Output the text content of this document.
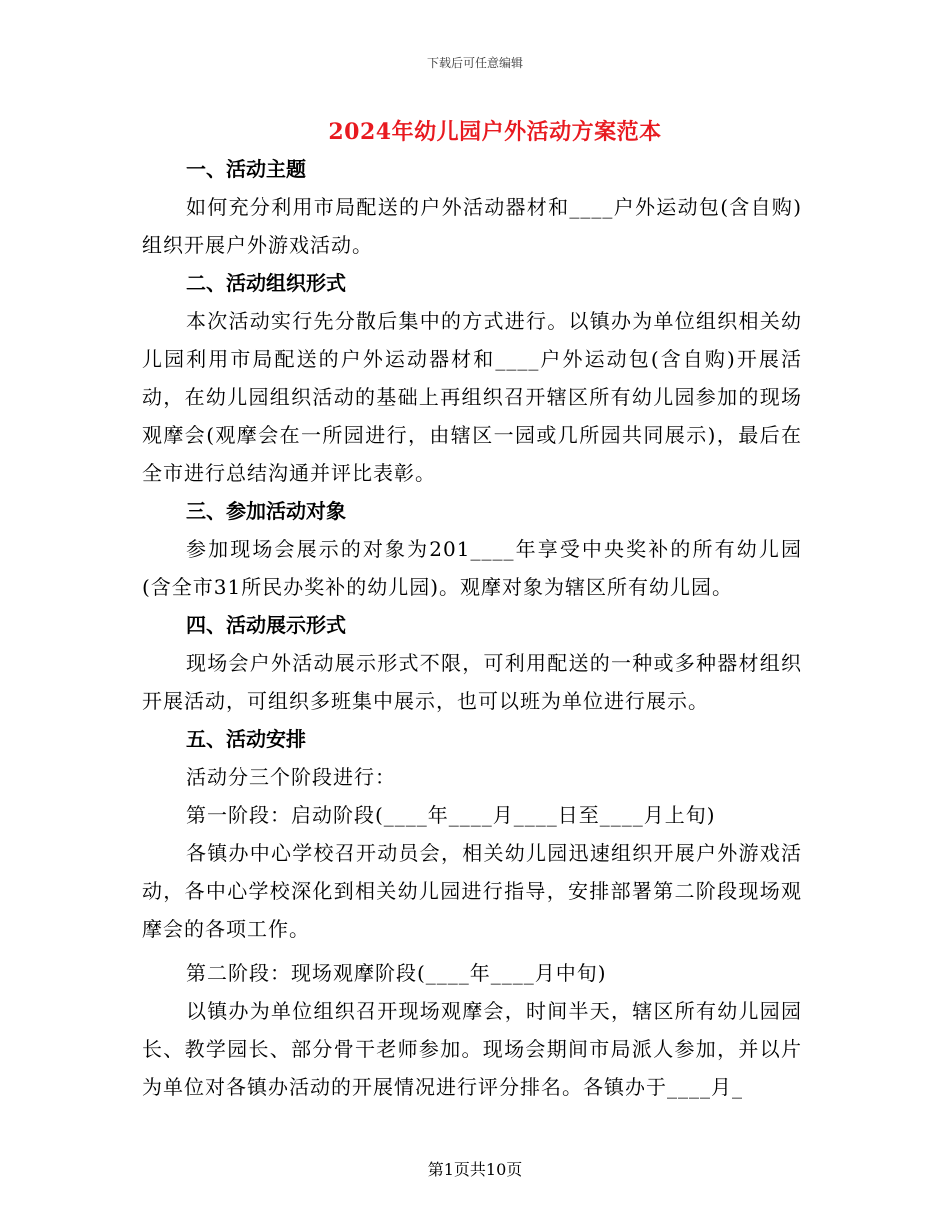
下载后可任意编辑
2024年幼儿园户外活动方案范本

一、活动主题

如何充分利用市局配送的户外活动器材和____户外运动包(含自购)组织开展户外游戏活动。

二、活动组织形式

本次活动实行先分散后集中的方式进行。以镇办为单位组织相关幼儿园利用市局配送的户外运动器材和____户外运动包(含自购)开展活动，在幼儿园组织活动的基础上再组织召开辖区所有幼儿园参加的现场观摩会(观摩会在一所园进行，由辖区一园或几所园共同展示)，最后在全市进行总结沟通并评比表彰。

三、参加活动对象

参加现场会展示的对象为201____年享受中央奖补的所有幼儿园(含全市31所民办奖补的幼儿园)。观摩对象为辖区所有幼儿园。

四、活动展示形式

现场会户外活动展示形式不限，可利用配送的一种或多种器材组织开展活动，可组织多班集中展示，也可以班为单位进行展示。

五、活动安排

活动分三个阶段进行：

第一阶段：启动阶段(____年____月____日至____月上旬)

各镇办中心学校召开动员会，相关幼儿园迅速组织开展户外游戏活动，各中心学校深化到相关幼儿园进行指导，安排部署第二阶段现场观摩会的各项工作。

第二阶段：现场观摩阶段(____年____月中旬)

以镇办为单位组织召开现场观摩会，时间半天，辖区所有幼儿园园长、教学园长、部分骨干老师参加。现场会期间市局派人参加，并以片为单位对各镇办活动的开展情况进行评分排名。各镇办于____月_

第1页共10页
